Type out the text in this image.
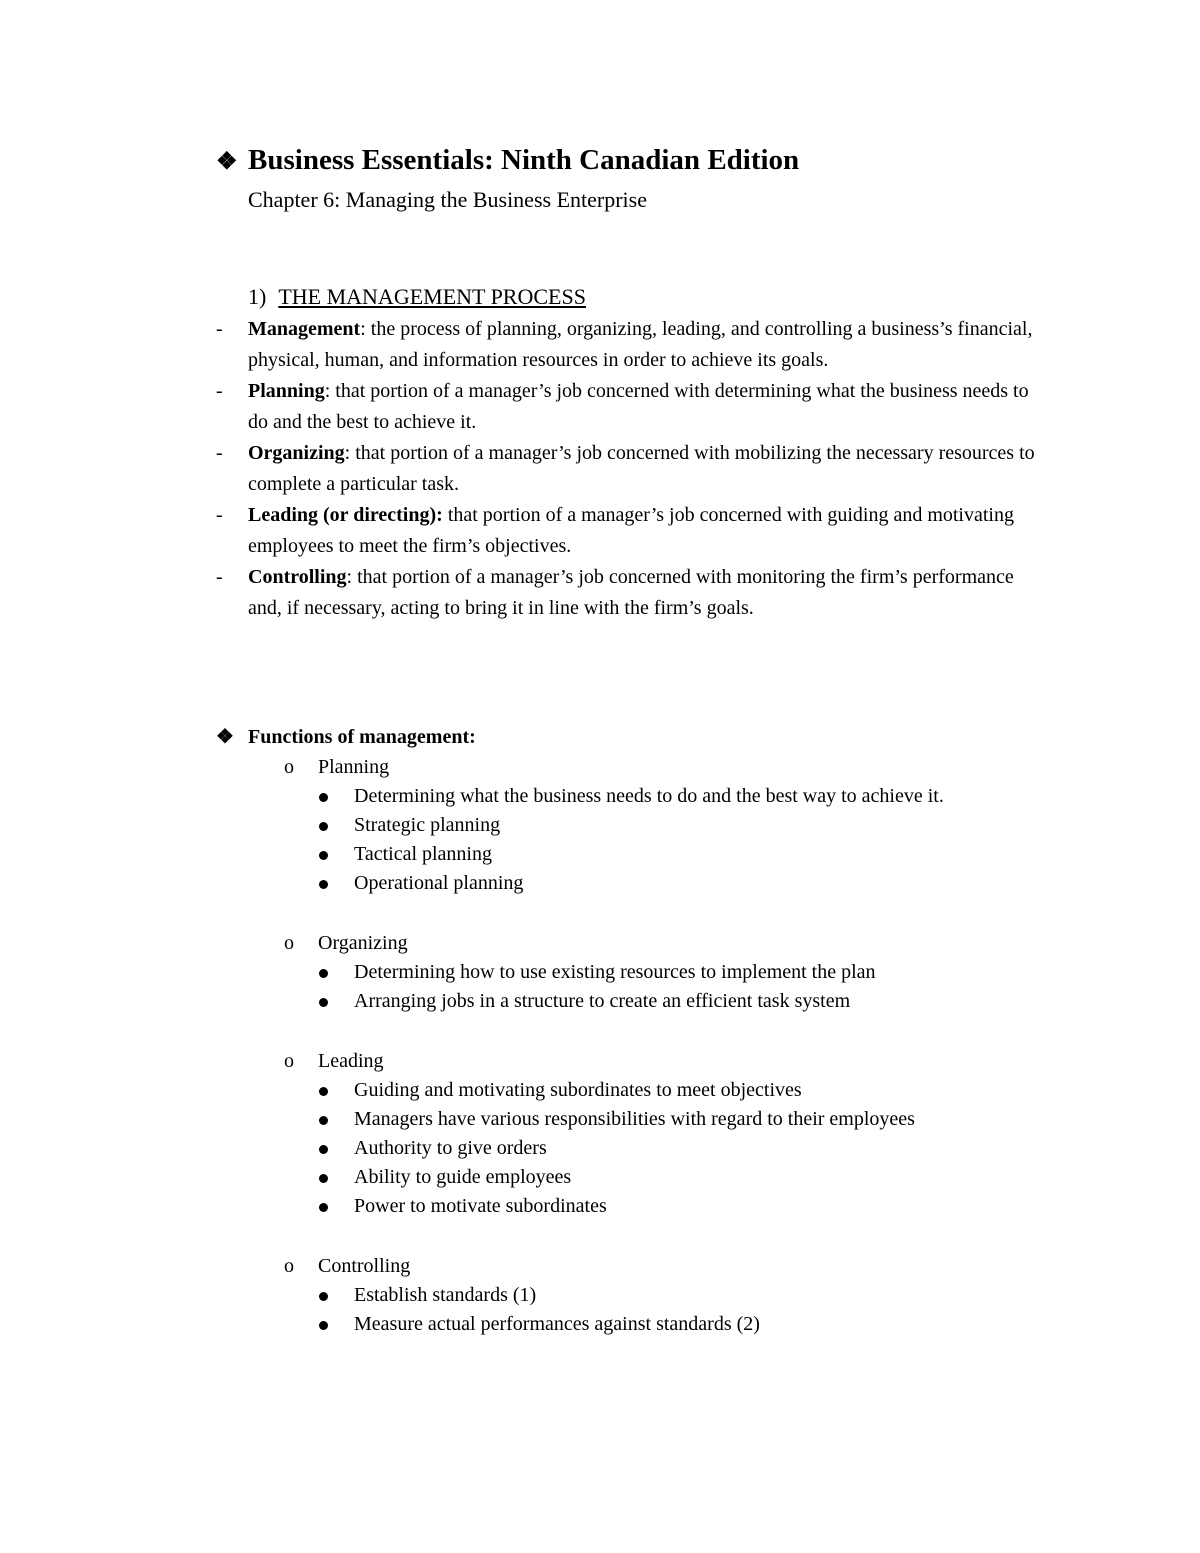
❖ Business Essentials: Ninth Canadian Edition
Chapter 6: Managing the Business Enterprise
1) THE MANAGEMENT PROCESS
-	Management: the process of planning, organizing, leading, and controlling a business’s financial, physical, human, and information resources in order to achieve its goals.
-	Planning: that portion of a manager’s job concerned with determining what the business needs to do and the best to achieve it.
-	Organizing: that portion of a manager’s job concerned with mobilizing the necessary resources to complete a particular task.
-	Leading (or directing): that portion of a manager’s job concerned with guiding and motivating employees to meet the firm’s objectives.
-	Controlling: that portion of a manager’s job concerned with monitoring the firm’s performance and, if necessary, acting to bring it in line with the firm’s goals.
❖ Functions of management:
o	Planning
Determining what the business needs to do and the best way to achieve it.
Strategic planning
Tactical planning
Operational planning
o	Organizing
Determining how to use existing resources to implement the plan
Arranging jobs in a structure to create an efficient task system
o	Leading
Guiding and motivating subordinates to meet objectives
Managers have various responsibilities with regard to their employees
Authority to give orders
Ability to guide employees
Power to motivate subordinates
o	Controlling
Establish standards (1)
Measure actual performances against standards (2)
